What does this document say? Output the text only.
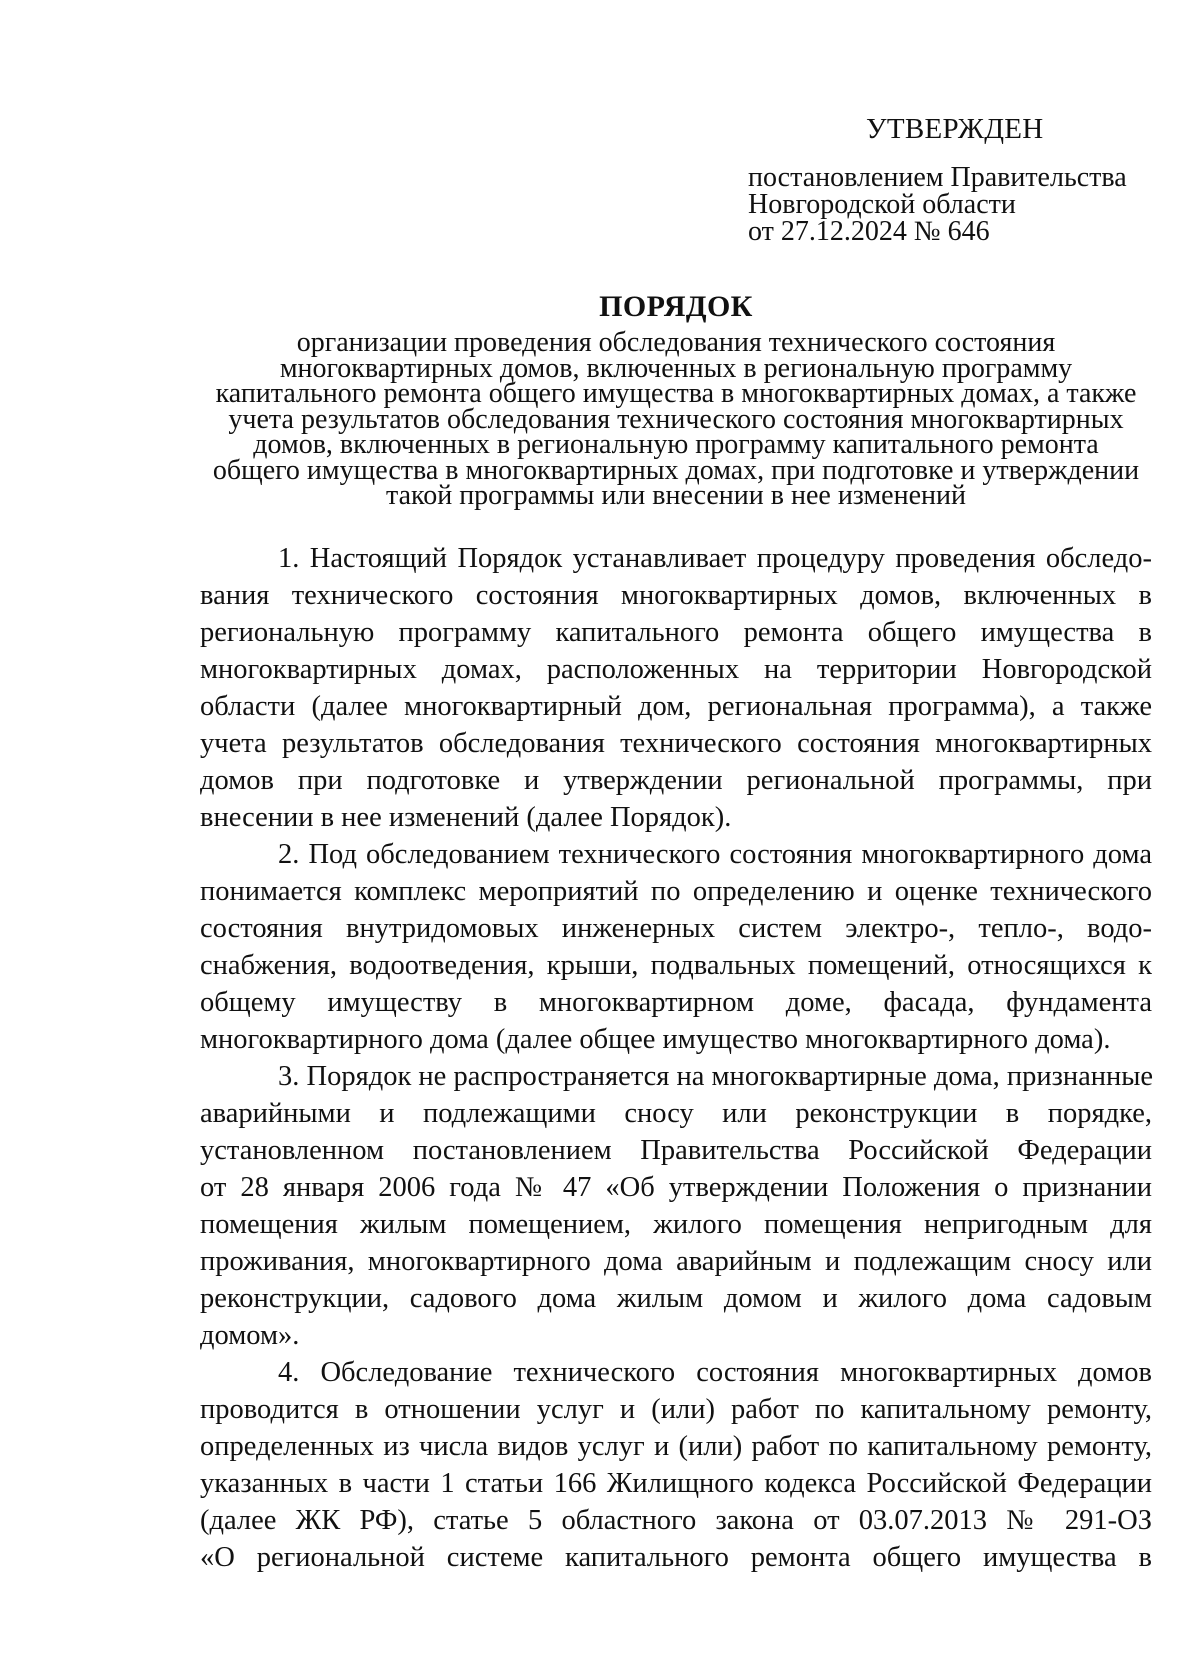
УТВЕРЖДЕН
постановлением Правительства
Новгородской области
от 27.12.2024 № 646
ПОРЯДОК
организации проведения обследования технического состояния
многоквартирных домов, включенных в региональную программу
капитального ремонта общего имущества в многоквартирных домах, а также
учета результатов обследования технического состояния многоквартирных
домов, включенных в региональную программу капитального ремонта
общего имущества в многоквартирных домах, при подготовке и утверждении
такой программы или внесении в нее изменений
1. Настоящий Порядок устанавливает процедуру проведения обследо-
вания технического состояния многоквартирных домов, включенных в
региональную программу капитального ремонта общего имущества в
многоквартирных домах, расположенных на территории Новгородской
области (далее многоквартирный дом, региональная программа), а также
учета результатов обследования технического состояния многоквартирных
домов при подготовке и утверждении региональной программы, при
внесении в нее изменений (далее Порядок).
2. Под обследованием технического состояния многоквартирного дома
понимается комплекс мероприятий по определению и оценке технического
состояния внутридомовых инженерных систем электро-, тепло-, водо-
снабжения, водоотведения, крыши, подвальных помещений, относящихся к
общему имуществу в многоквартирном доме, фасада, фундамента
многоквартирного дома (далее общее имущество многоквартирного дома).
3. Порядок не распространяется на многоквартирные дома, признанные
аварийными и подлежащими сносу или реконструкции в порядке,
установленном постановлением Правительства Российской Федерации
от 28 января 2006 года № 47 «Об утверждении Положения о признании
помещения жилым помещением, жилого помещения непригодным для
проживания, многоквартирного дома аварийным и подлежащим сносу или
реконструкции, садового дома жилым домом и жилого дома садовым
домом».
4. Обследование технического состояния многоквартирных домов
проводится в отношении услуг и (или) работ по капитальному ремонту,
определенных из числа видов услуг и (или) работ по капитальному ремонту,
указанных в части 1 статьи 166 Жилищного кодекса Российской Федерации
(далее ЖК РФ), статье 5 областного закона от 03.07.2013 № 291-ОЗ
«О региональной системе капитального ремонта общего имущества в
